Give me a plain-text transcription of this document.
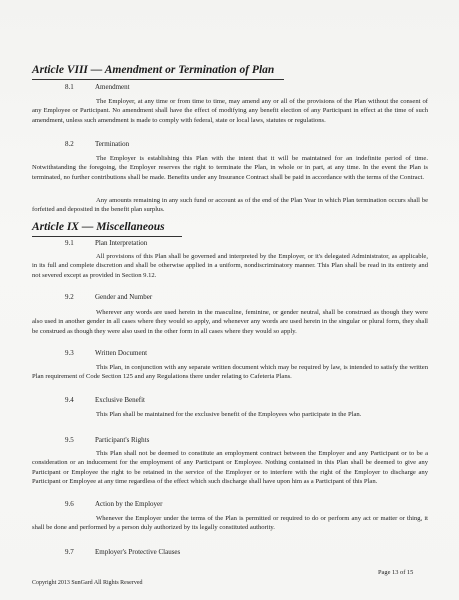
Article VIII — Amendment or Termination of Plan
8.1	Amendment
The Employer, at any time or from time to time, may amend any or all of the provisions of the Plan without the consent of any Employee or Participant. No amendment shall have the effect of modifying any benefit election of any Participant in effect at the time of such amendment, unless such amendment is made to comply with federal, state or local laws, statutes or regulations.
8.2	Termination
The Employer is establishing this Plan with the intent that it will be maintained for an indefinite period of time. Notwithstanding the foregoing, the Employer reserves the right to terminate the Plan, in whole or in part, at any time. In the event the Plan is terminated, no further contributions shall be made. Benefits under any Insurance Contract shall be paid in accordance with the terms of the Contract.
Any amounts remaining in any such fund or account as of the end of the Plan Year in which Plan termination occurs shall be forfeited and deposited in the benefit plan surplus.
Article IX — Miscellaneous
9.1	Plan Interpretation
All provisions of this Plan shall be governed and interpreted by the Employer, or it's delegated Administrator, as applicable, in its full and complete discretion and shall be otherwise applied in a uniform, nondiscriminatory manner. This Plan shall be read in its entirety and not severed except as provided in Section 9.12.
9.2	Gender and Number
Wherever any words are used herein in the masculine, feminine, or gender neutral, shall be construed as though they were also used in another gender in all cases where they would so apply, and whenever any words are used herein in the singular or plural form, they shall be construed as though they were also used in the other form in all cases where they would so apply.
9.3	Written Document
This Plan, in conjunction with any separate written document which may be required by law, is intended to satisfy the written Plan requirement of Code Section 125 and any Regulations there under relating to Cafeteria Plans.
9.4	Exclusive Benefit
This Plan shall be maintained for the exclusive benefit of the Employees who participate in the Plan.
9.5	Participant's Rights
This Plan shall not be deemed to constitute an employment contract between the Employer and any Participant or to be a consideration or an inducement for the employment of any Participant or Employee. Nothing contained in this Plan shall be deemed to give any Participant or Employee the right to be retained in the service of the Employer or to interfere with the right of the Employer to discharge any Participant or Employee at any time regardless of the effect which such discharge shall have upon him as a Participant of this Plan.
9.6	Action by the Employer
Whenever the Employer under the terms of the Plan is permitted or required to do or perform any act or matter or thing, it shall be done and performed by a person duly authorized by its legally constituted authority.
9.7	Employer's Protective Clauses
Page 13 of 15
Copyright 2013 SunGard All Rights Reserved
